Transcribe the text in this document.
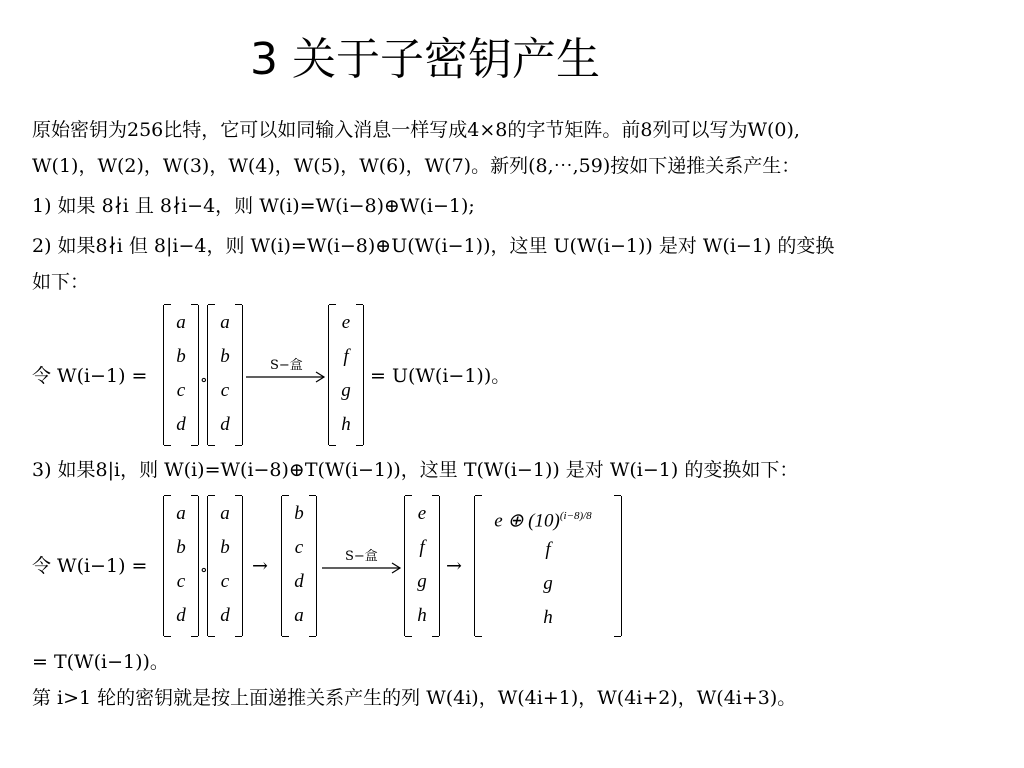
3 关于子密钥产生
原始密钥为256比特，它可以如同输入消息一样写成4×8的字节矩阵。前8列可以写为W(0),
W(1)，W(2)，W(3)，W(4)，W(5)，W(6)，W(7)。新列(8,⋯,59)按如下递推关系产生：
1) 如果 8∤i 且 8∤i−4，则 W(i)=W(i−8)⊕W(i−1);
2) 如果8∤i 但 8|i−4，则 W(i)=W(i−8)⊕U(W(i−1))，这里 U(W(i−1)) 是对 W(i−1) 的变换
如下：
令 W(i−1) =
a
b
c
d
∘
a
b
c
d
S−盒
e
f
g
h
= U(W(i−1))。
3) 如果8|i，则 W(i)=W(i−8)⊕T(W(i−1))，这里 T(W(i−1)) 是对 W(i−1) 的变换如下：
令 W(i−1) =
a
b
c
d
∘
a
b
c
d
→
b
c
d
a
S−盒
e
f
g
h
→
e ⊕ $(10)^{(i-8)/8}$
f
g
h
= T(W(i−1))。
第 i>1 轮的密钥就是按上面递推关系产生的列 W(4i)，W(4i+1)，W(4i+2)，W(4i+3)。
